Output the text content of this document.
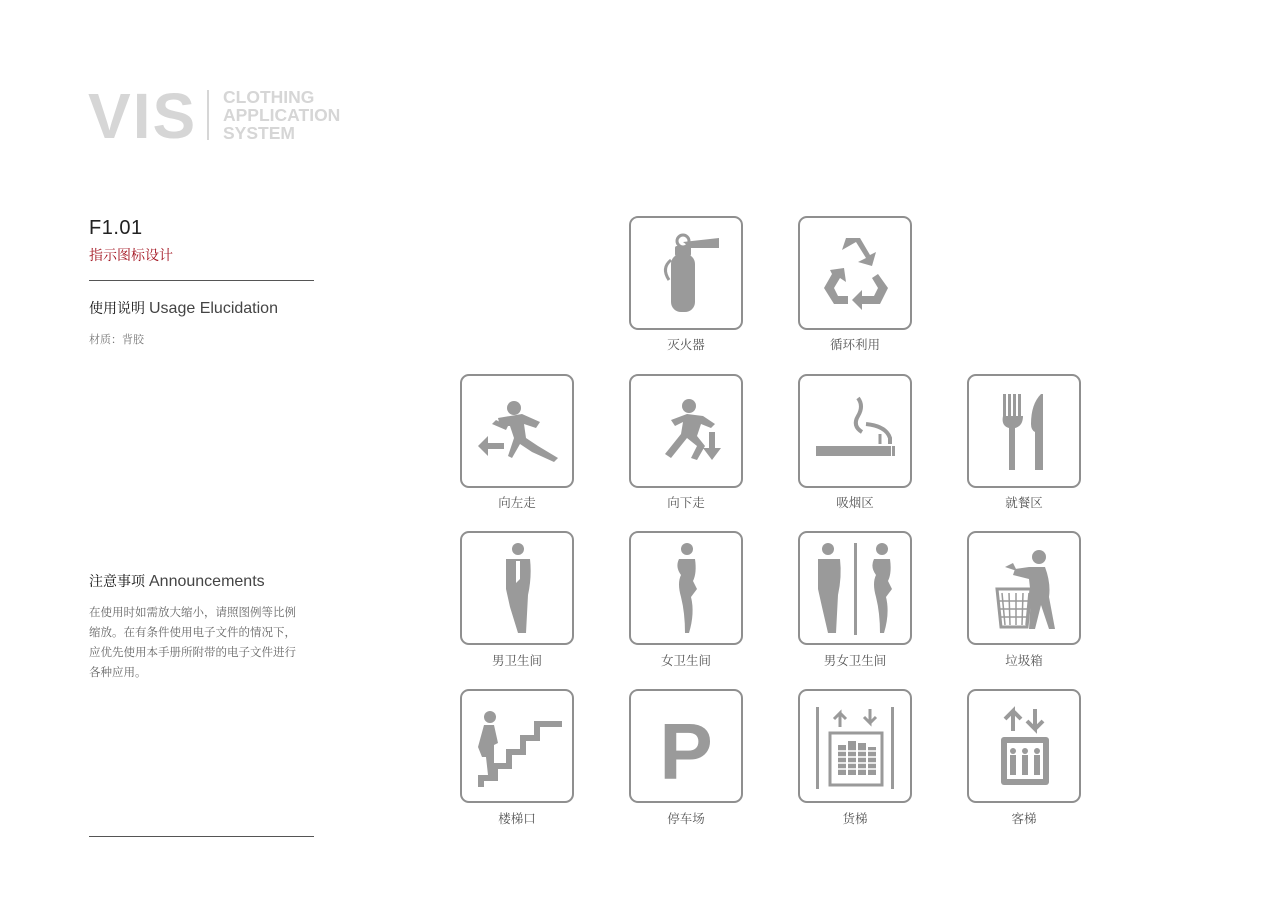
VIS CLOTHING
APPLICATION
SYSTEM
F1.01
指示图标设计
使用说明 Usage Elucidation
材质：背胶
注意事项 Announcements
在使用时如需放大缩小，请照图例等比例
缩放。在有条件使用电子文件的情况下，
应优先使用本手册所附带的电子文件进行
各种应用。
灭火器	循环利用
向左走	向下走	吸烟区	就餐区
男卫生间	女卫生间	男女卫生间	垃圾箱
楼梯口
P
停车场	货梯	客梯
